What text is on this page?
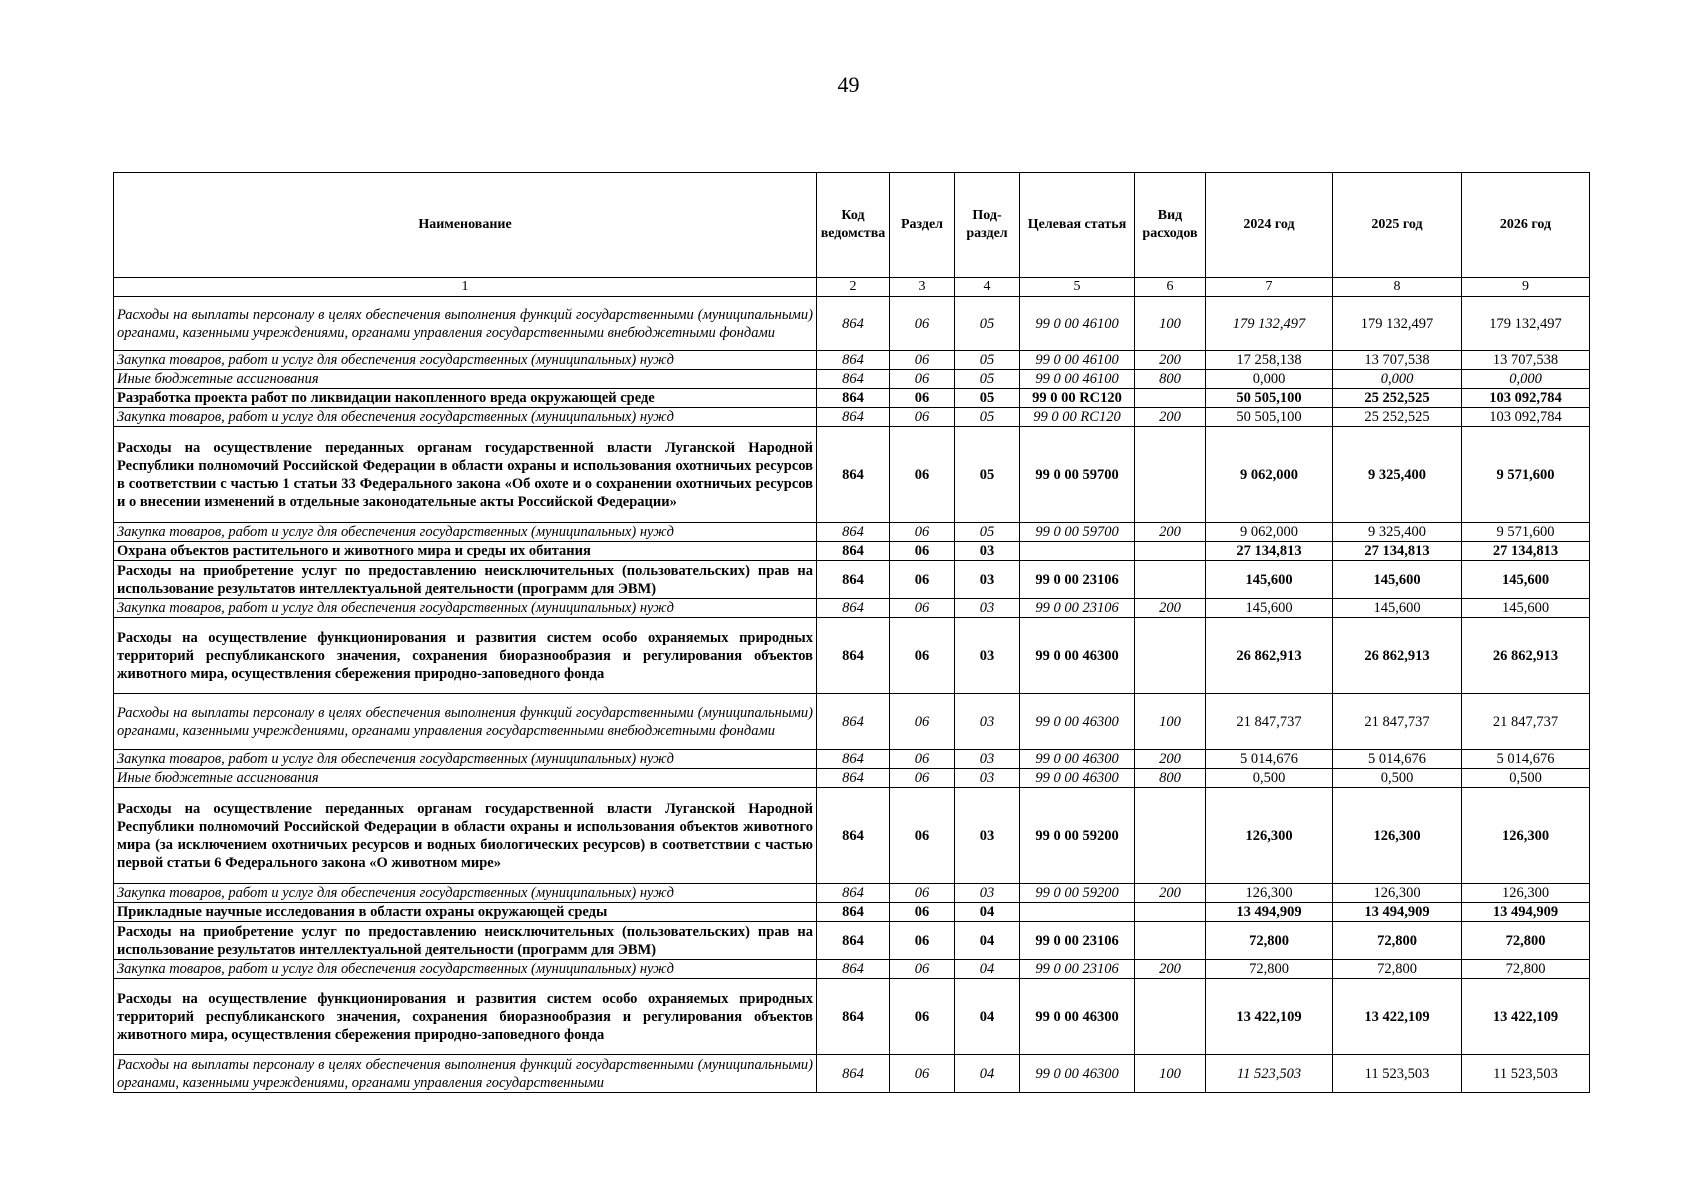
49
Наименование	Код ведомства	Раздел	Под-раздел	Целевая статья	Вид расходов	2024 год	2025 год	2026 год
1	2	3	4	5	6	7	8	9
Расходы на выплаты персоналу в целях обеспечения выполнения функций государственными (муниципальными) органами, казенными учреждениями, органами управления государственными внебюджетными фондами	864	06	05	99 0 00 46100	100	179 132,497	179 132,497	179 132,497
Закупка товаров, работ и услуг для обеспечения государственных (муниципальных) нужд	864	06	05	99 0 00 46100	200	17 258,138	13 707,538	13 707,538
Иные бюджетные ассигнования	864	06	05	99 0 00 46100	800	0,000	0,000	0,000
Разработка проекта работ по ликвидации накопленного вреда окружающей среде	864	06	05	99 0 00 RC120		50 505,100	25 252,525	103 092,784
Закупка товаров, работ и услуг для обеспечения государственных (муниципальных) нужд	864	06	05	99 0 00 RC120	200	50 505,100	25 252,525	103 092,784
Расходы на осуществление переданных органам государственной власти Луганской Народной Республики полномочий Российской Федерации в области охраны и использования охотничьих ресурсов в соответствии с частью 1 статьи 33 Федерального закона «Об охоте и о сохранении охотничьих ресурсов и о внесении изменений в отдельные законодательные акты Российской Федерации»	864	06	05	99 0 00 59700		9 062,000	9 325,400	9 571,600
Закупка товаров, работ и услуг для обеспечения государственных (муниципальных) нужд	864	06	05	99 0 00 59700	200	9 062,000	9 325,400	9 571,600
Охрана объектов растительного и животного мира и среды их обитания	864	06	03			27 134,813	27 134,813	27 134,813
Расходы на приобретение услуг по предоставлению неисключительных (пользовательских) прав на использование результатов интеллектуальной деятельности (программ для ЭВМ)	864	06	03	99 0 00 23106		145,600	145,600	145,600
Закупка товаров, работ и услуг для обеспечения государственных (муниципальных) нужд	864	06	03	99 0 00 23106	200	145,600	145,600	145,600
Расходы на осуществление функционирования и развития систем особо охраняемых природных территорий республиканского значения, сохранения биоразнообразия и регулирования объектов животного мира, осуществления сбережения природно-заповедного фонда	864	06	03	99 0 00 46300		26 862,913	26 862,913	26 862,913
Расходы на выплаты персоналу в целях обеспечения выполнения функций государственными (муниципальными) органами, казенными учреждениями, органами управления государственными внебюджетными фондами	864	06	03	99 0 00 46300	100	21 847,737	21 847,737	21 847,737
Закупка товаров, работ и услуг для обеспечения государственных (муниципальных) нужд	864	06	03	99 0 00 46300	200	5 014,676	5 014,676	5 014,676
Иные бюджетные ассигнования	864	06	03	99 0 00 46300	800	0,500	0,500	0,500
Расходы на осуществление переданных органам государственной власти Луганской Народной Республики полномочий Российской Федерации в области охраны и использования объектов животного мира (за исключением охотничьих ресурсов и водных биологических ресурсов) в соответствии с частью первой статьи 6 Федерального закона «О животном мире»	864	06	03	99 0 00 59200		126,300	126,300	126,300
Закупка товаров, работ и услуг для обеспечения государственных (муниципальных) нужд	864	06	03	99 0 00 59200	200	126,300	126,300	126,300
Прикладные научные исследования в области охраны окружающей среды	864	06	04			13 494,909	13 494,909	13 494,909
Расходы на приобретение услуг по предоставлению неисключительных (пользовательских) прав на использование результатов интеллектуальной деятельности (программ для ЭВМ)	864	06	04	99 0 00 23106		72,800	72,800	72,800
Закупка товаров, работ и услуг для обеспечения государственных (муниципальных) нужд	864	06	04	99 0 00 23106	200	72,800	72,800	72,800
Расходы на осуществление функционирования и развития систем особо охраняемых природных территорий республиканского значения, сохранения биоразнообразия и регулирования объектов животного мира, осуществления сбережения природно-заповедного фонда	864	06	04	99 0 00 46300		13 422,109	13 422,109	13 422,109
Расходы на выплаты персоналу в целях обеспечения выполнения функций государственными (муниципальными) органами, казенными учреждениями, органами управления государственными	864	06	04	99 0 00 46300	100	11 523,503	11 523,503	11 523,503
